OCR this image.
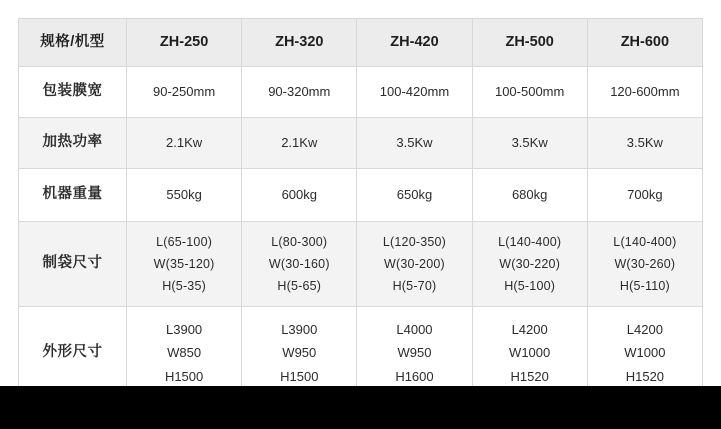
规格/机型	ZH-250	ZH-320	ZH-420	ZH-500	ZH-600
包装膜宽	90-250mm	90-320mm	100-420mm	100-500mm	120-600mm
加热功率	2.1Kw	2.1Kw	3.5Kw	3.5Kw	3.5Kw
机器重量	550kg	600kg	650kg	680kg	700kg
制袋尺寸	L(65-100)
W(35-120)
H(5-35)	L(80-300)
W(30-160)
H(5-65)	L(120-350)
W(30-200)
H(5-70)	L(140-400)
W(30-220)
H(5-100)	L(140-400)
W(30-260)
H(5-110)

外形尺寸	L3900
W850
H1500	L3900
W950
H1500	L4000
W950
H1600	L4200
W1000
H1520	L4200
W1000
H1520
